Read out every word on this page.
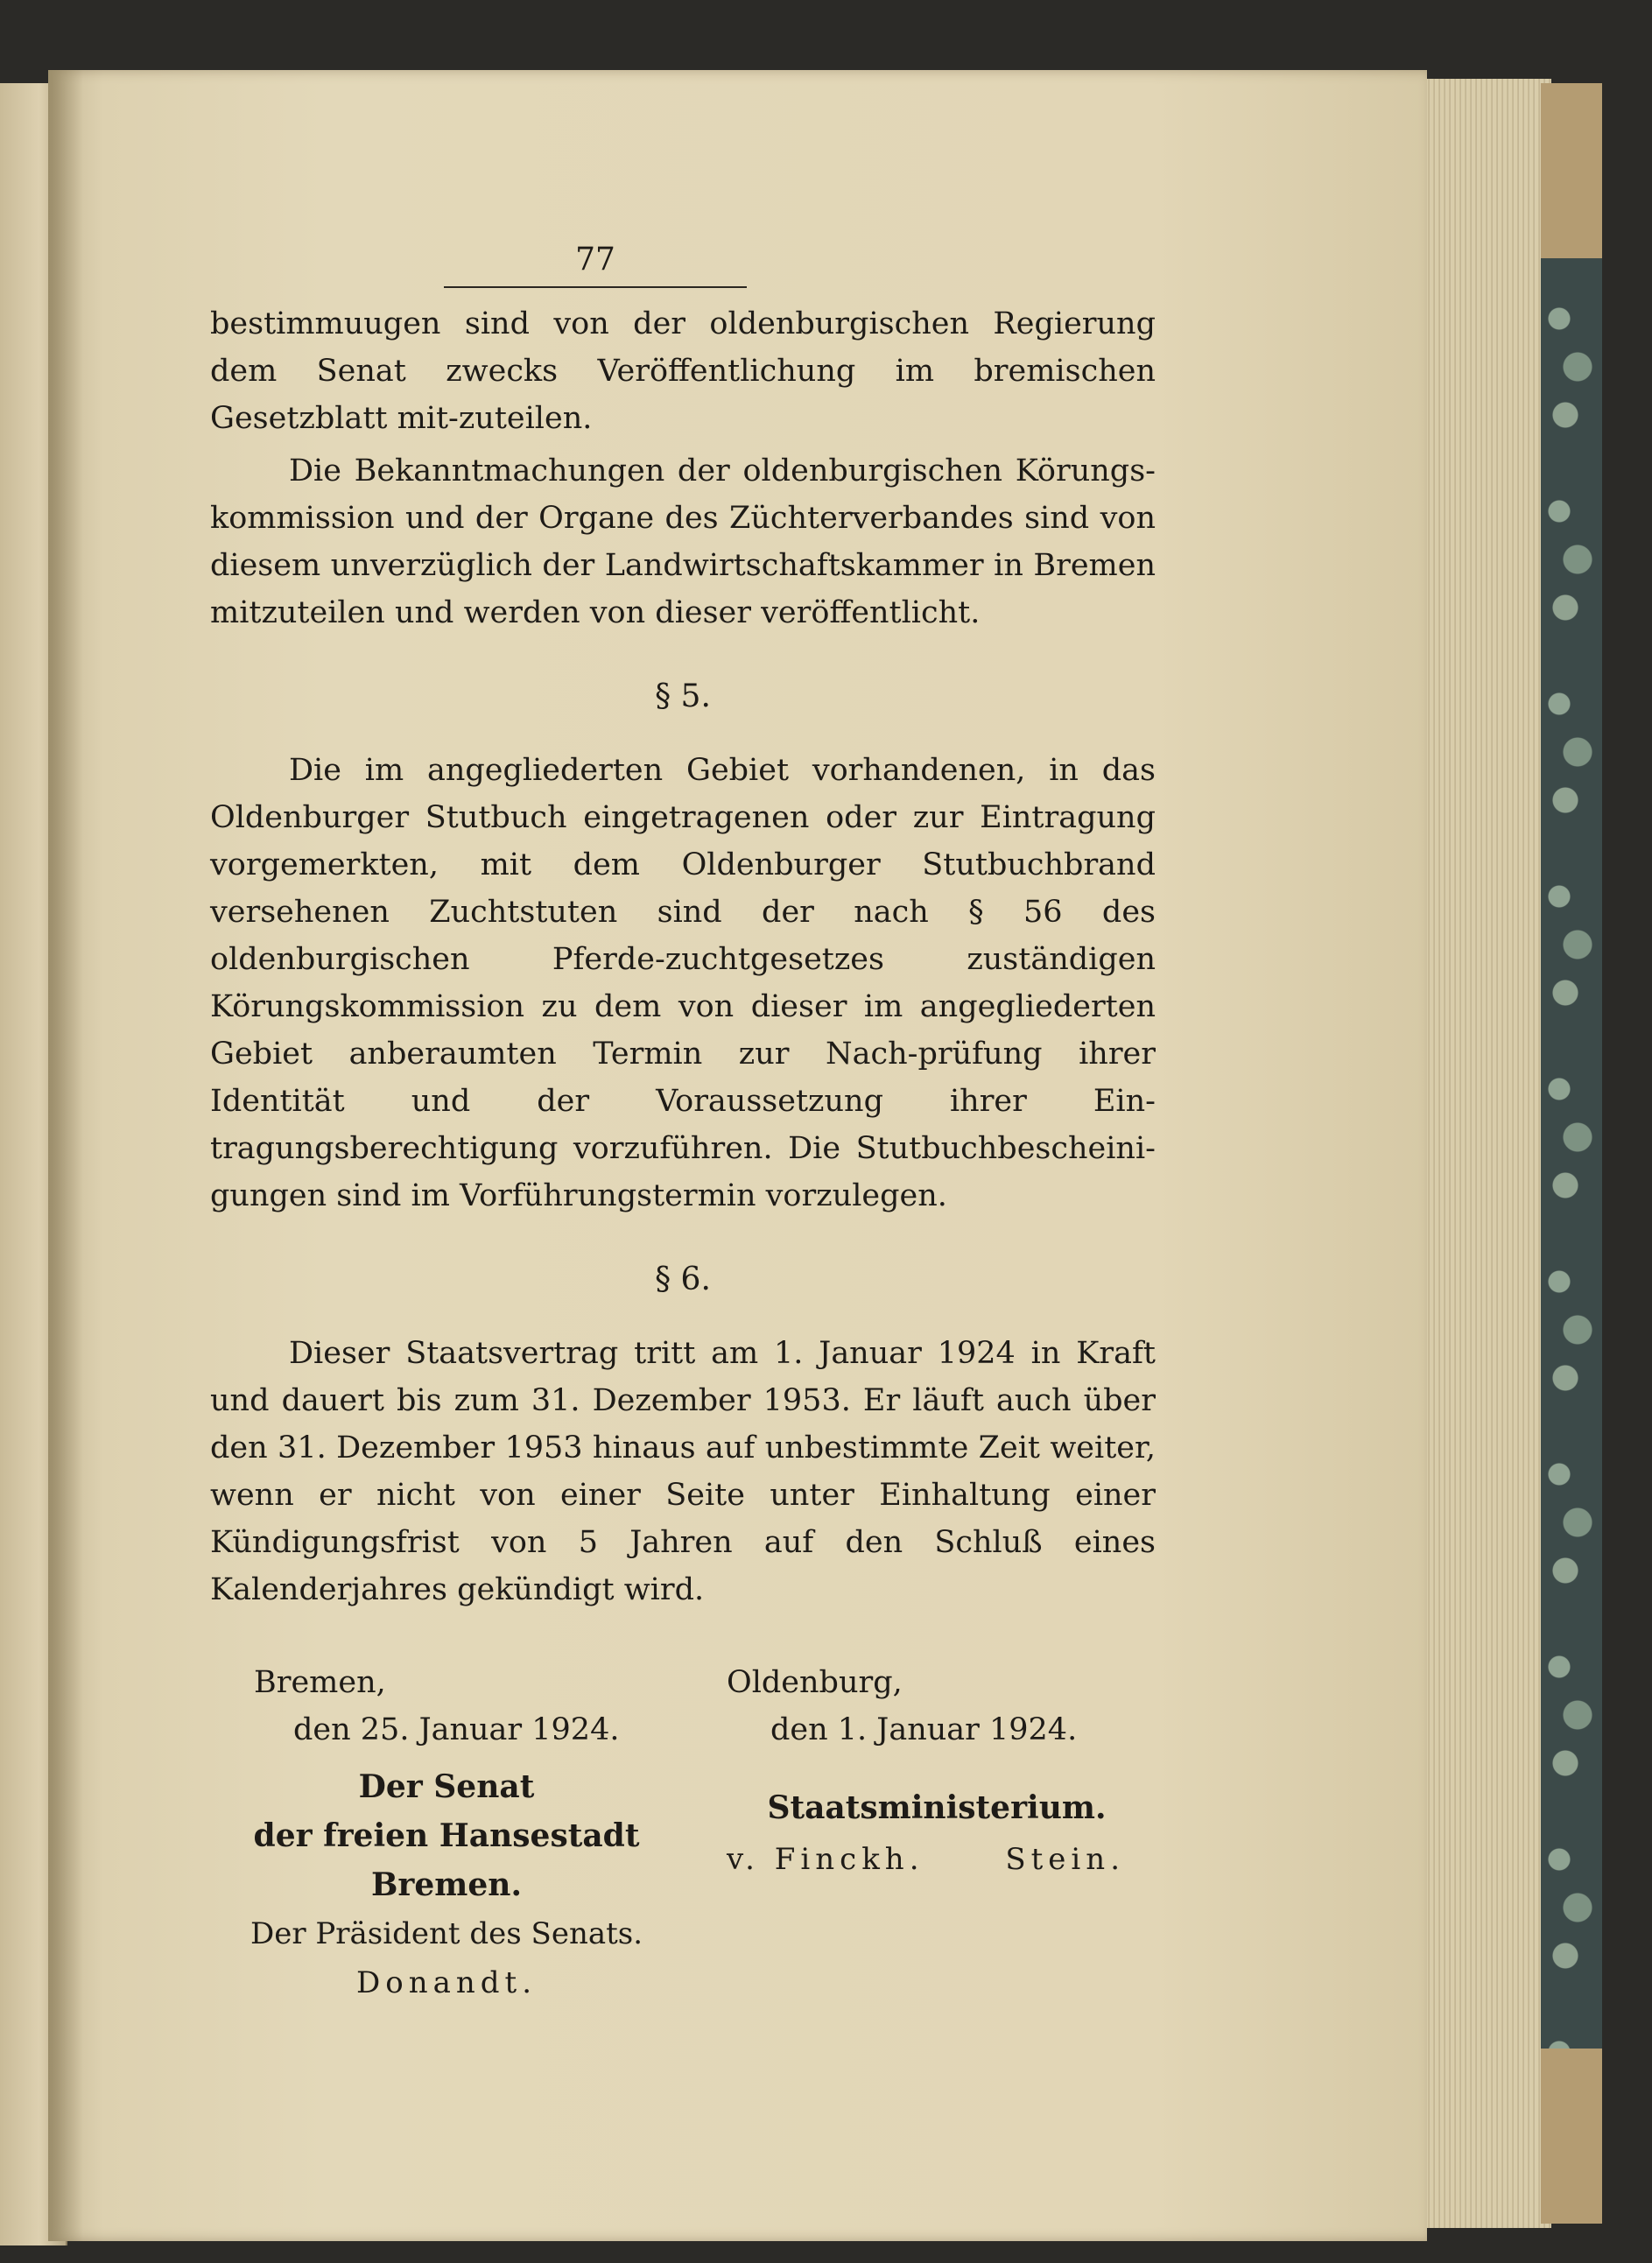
77

bestimmuugen sind von der oldenburgischen Regierung dem Senat zwecks Veröffentlichung im bremischen Gesetzblatt mit-zuteilen.

Die Bekanntmachungen der oldenburgischen Körungs-kommission und der Organe des Züchterverbandes sind von diesem unverzüglich der Landwirtschaftskammer in Bremen mitzuteilen und werden von dieser veröffentlicht.

§ 5.

Die im angegliederten Gebiet vorhandenen, in das Oldenburger Stutbuch eingetragenen oder zur Eintragung vorgemerkten, mit dem Oldenburger Stutbuchbrand versehenen Zuchtstuten sind der nach § 56 des oldenburgischen Pferde-zuchtgesetzes zuständigen Körungskommission zu dem von dieser im angegliederten Gebiet anberaumten Termin zur Nach-prüfung ihrer Identität und der Voraussetzung ihrer Ein-tragungsberechtigung vorzuführen. Die Stutbuchbescheini-gungen sind im Vorführungstermin vorzulegen.

§ 6.

Dieser Staatsvertrag tritt am 1. Januar 1924 in Kraft und dauert bis zum 31. Dezember 1953. Er läuft auch über den 31. Dezember 1953 hinaus auf unbestimmte Zeit weiter, wenn er nicht von einer Seite unter Einhaltung einer Kündigungsfrist von 5 Jahren auf den Schluß eines Kalenderjahres gekündigt wird.

Bremen,
den 25. Januar 1924.
Der Senat
der freien Hansestadt Bremen.
Der Präsident des Senats.
Donandt.
Oldenburg,
den 1. Januar 1924.
Staatsministerium.
v. Finckh.	Stein.
